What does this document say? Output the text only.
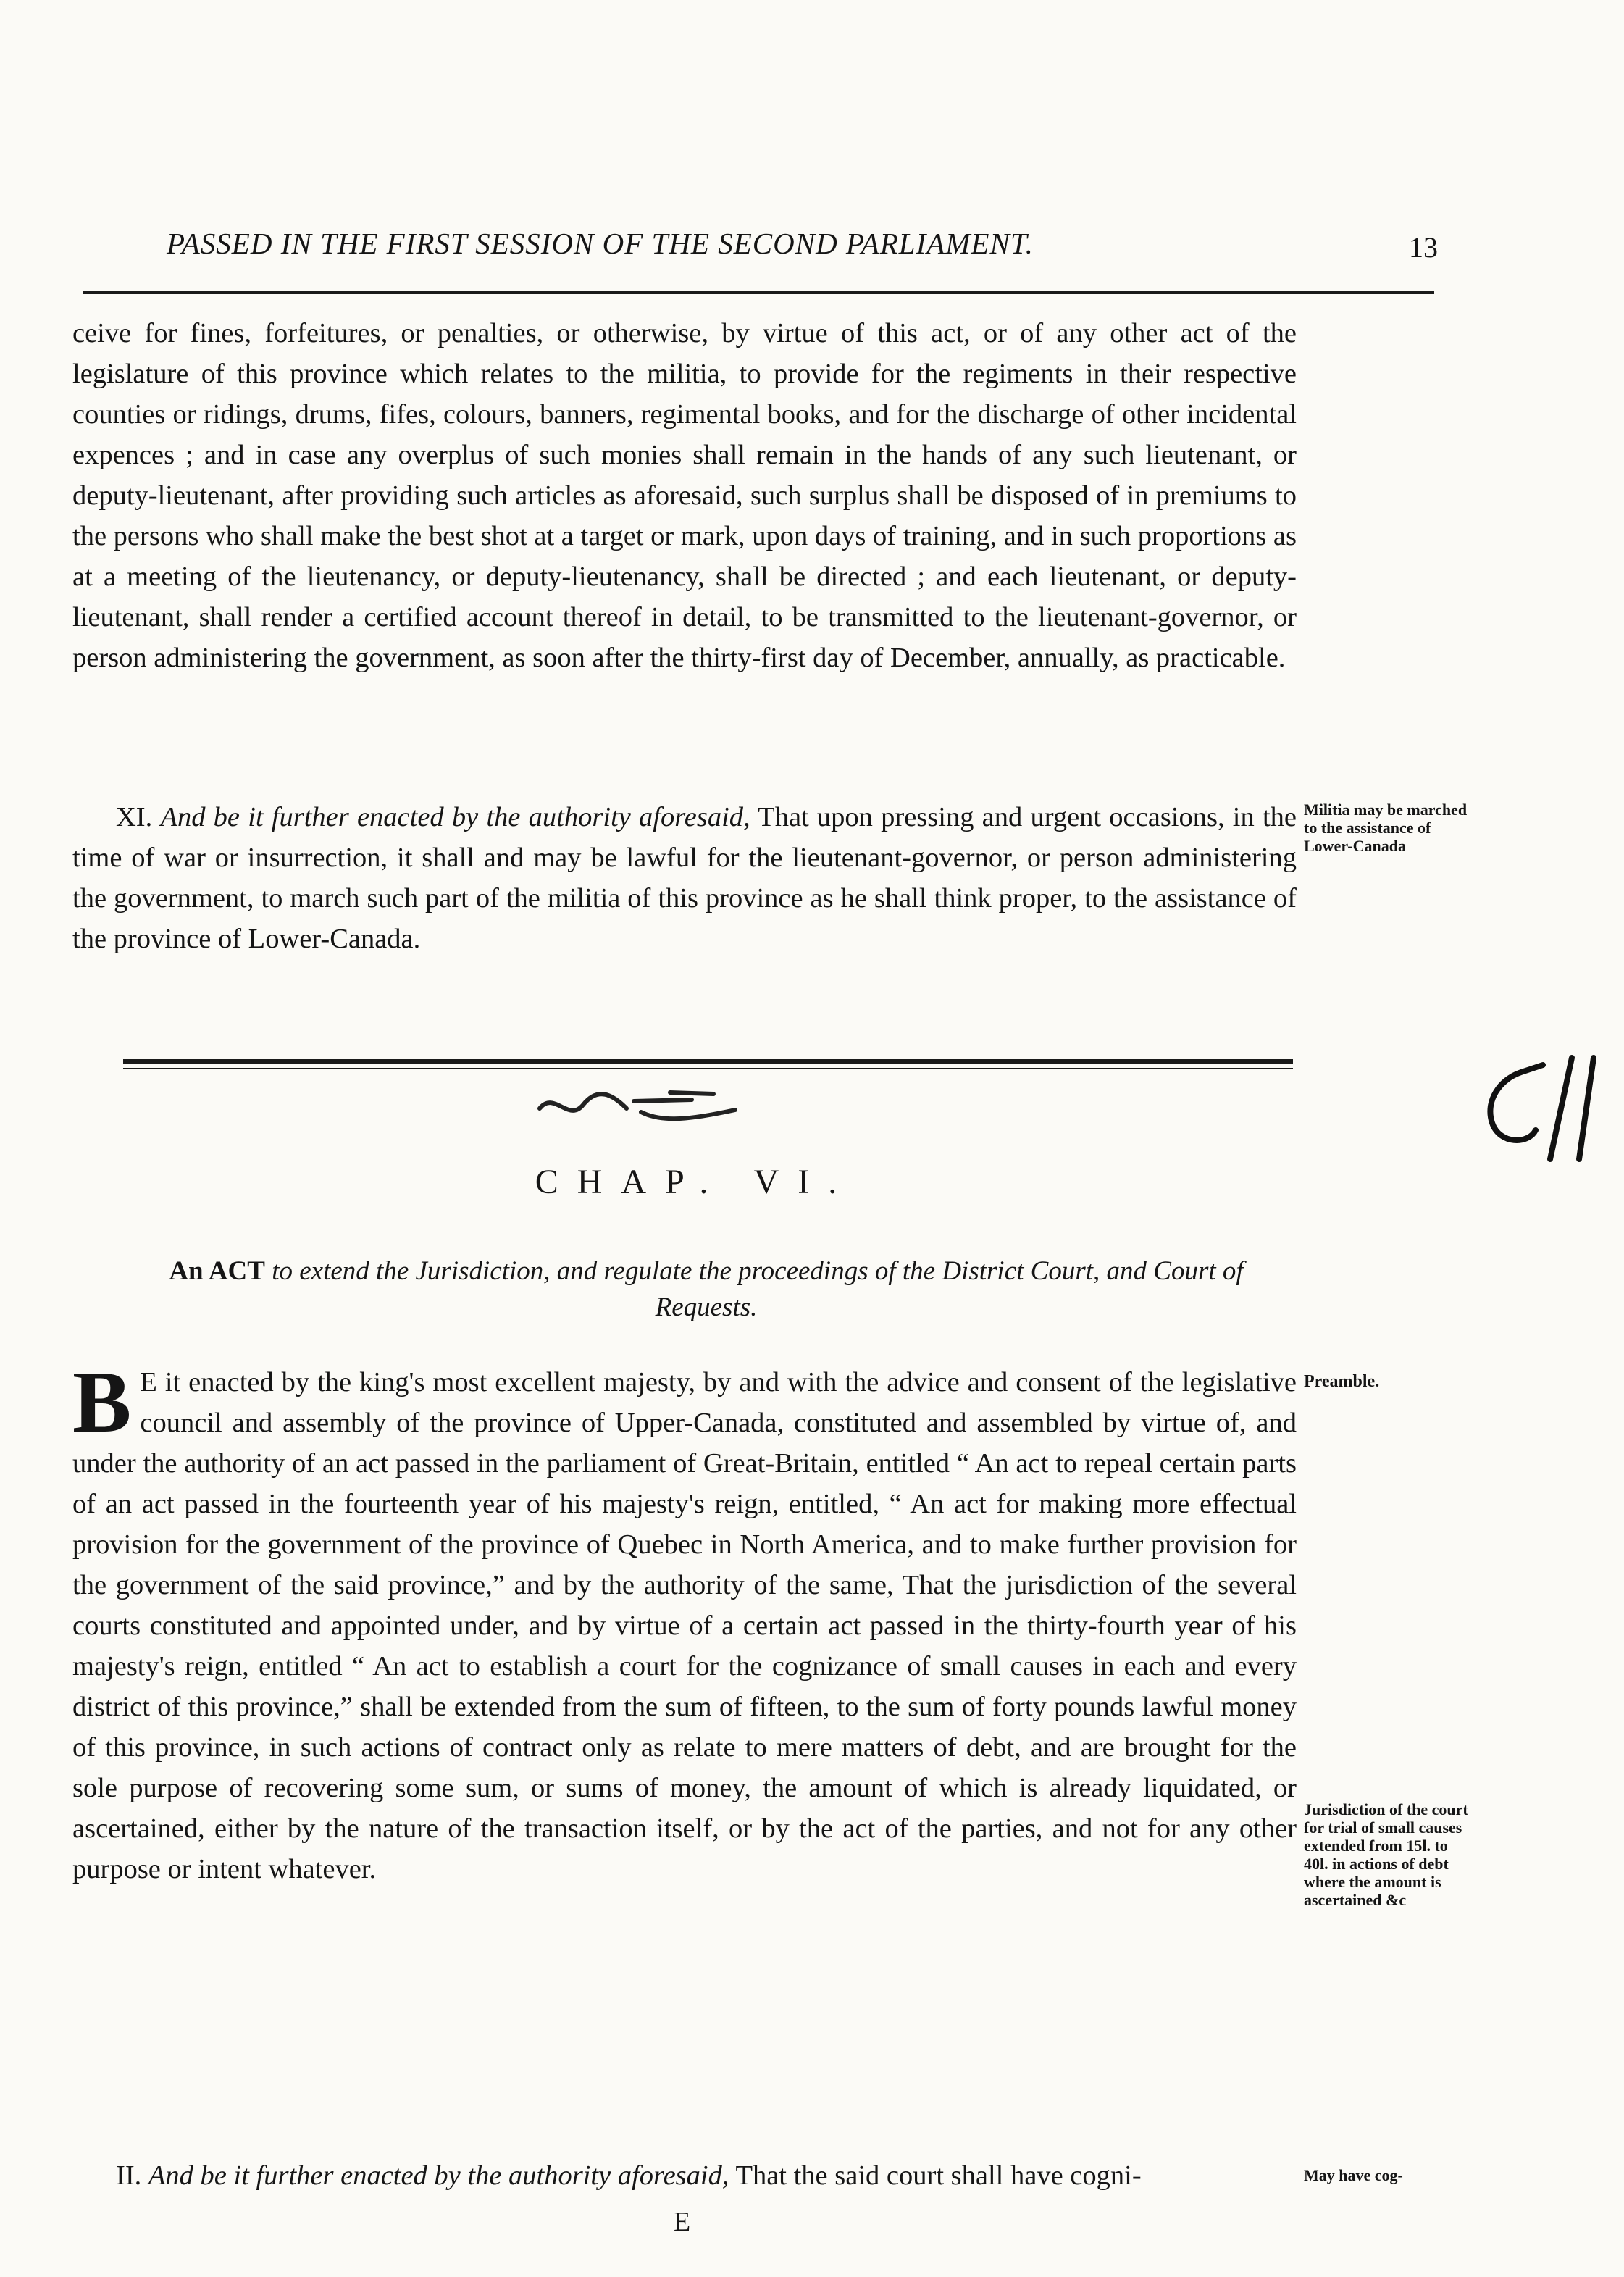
PASSED IN THE FIRST SESSION OF THE SECOND PARLIAMENT.	13

ceive for fines, forfeitures, or penalties, or otherwise, by virtue of this act, or of any other act of the legislature of this province which relates to the militia, to provide for the regiments in their respective counties or ridings, drums, fifes, colours, banners, regimental books, and for the discharge of other incidental expences ; and in case any overplus of such monies shall remain in the hands of any such lieutenant, or deputy-lieutenant, after providing such articles as aforesaid, such surplus shall be disposed of in premiums to the persons who shall make the best shot at a target or mark, upon days of training, and in such proportions as at a meeting of the lieutenancy, or deputy-lieutenancy, shall be directed ; and each lieutenant, or deputy-lieutenant, shall render a certified account thereof in detail, to be transmitted to the lieutenant-governor, or person administering the government, as soon after the thirty-first day of December, annually, as practicable.

XI. And be it further enacted by the authority aforesaid, That upon pressing and urgent occasions, in the time of war or insurrection, it shall and may be lawful for the lieutenant-governor, or person administering the government, to march such part of the militia of this province as he shall think proper, to the assistance of the province of Lower-Canada.

Militia may be marched to the assistance of Lower-Canada
CHAP. VI.
An ACT to extend the Jurisdiction, and regulate the proceedings of the District Court, and Court of Requests.

B E it enacted by the king's most excellent majesty, by and with the advice and consent of the legislative council and assembly of the province of Upper-Canada, constituted and assembled by virtue of, and under the authority of an act passed in the parliament of Great-Britain, entitled “ An act to repeal certain parts of an act passed in the fourteenth year of his majesty's reign, entitled, “ An act for making more effectual provision for the government of the province of Quebec in North America, and to make further provision for the government of the said province,” and by the authority of the same, That the jurisdiction of the several courts constituted and appointed under, and by virtue of a certain act passed in the thirty-fourth year of his majesty's reign, entitled “ An act to establish a court for the cognizance of small causes in each and every district of this province,” shall be extended from the sum of fifteen, to the sum of forty pounds lawful money of this province, in such actions of contract only as relate to mere matters of debt, and are brought for the sole purpose of recovering some sum, or sums of money, the amount of which is already liquidated, or ascertained, either by the nature of the transaction itself, or by the act of the parties, and not for any other purpose or intent whatever.

Preamble.
Jurisdiction of the court for trial of small causes extended from 15l. to 40l. in actions of debt where the amount is ascertained &c

II. And be it further enacted by the authority aforesaid, That the said court shall have cogni-	May have cog-
E
